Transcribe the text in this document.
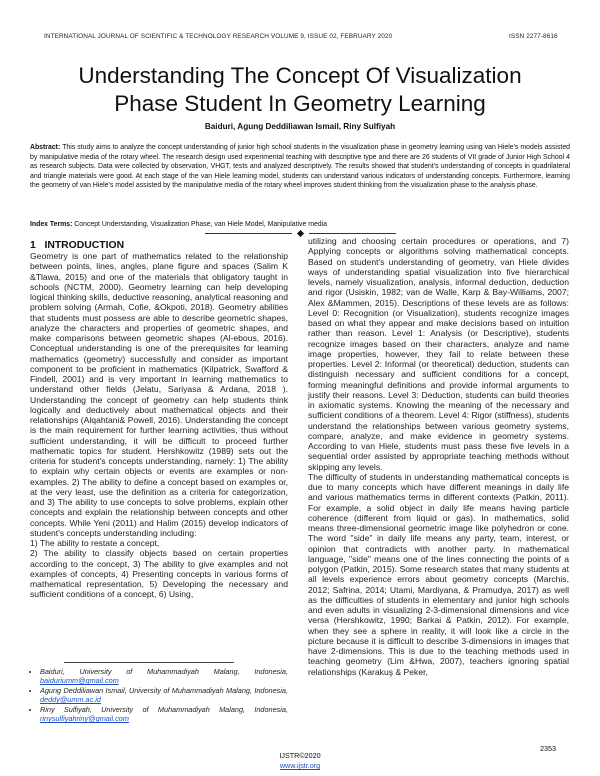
INTERNATIONAL JOURNAL OF SCIENTIFIC & TECHNOLOGY RESEARCH VOLUME 9, ISSUE 02, FEBRUARY 2020	ISSN 2277-8616
Understanding The Concept Of Visualization
Phase Student In Geometry Learning
Baiduri, Agung Deddiliawan Ismail, Riny Sulfiyah
Abstract: This study aims to analyze the concept understanding of junior high school students in the visualization phase in geometry learning using van Hiele's models assisted by manipulative media of the rotary wheel. The research design used experimental teaching with descriptive type and there are 26 students of VII grade of Junior High School 4 as research subjects. Data were collected by observation, VHGT, tests and analyzed descriptively. The results showed that student's understanding of concepts in quadrilateral and triangle materials were good. At each stage of the van Hiele learning model, students can understand various indicators of understanding concepts. Furthermore, learning the geometry of van Hiele's model assisted by the manipulative media of the rotary wheel improves student thinking from the visualization phase to the analysis phase.
Index Terms: Concept Understanding, Visualization Phase, van Hiele Model, Manipulative media
1   INTRODUCTION

Geometry is one part of mathematics related to the relationship between points, lines, angles, plane figure and spaces (Salim K &Tlawa, 2015) and one of the materials that obligatory taught in schools (NCTM, 2000). Geometry learning can help developing logical thinking skills, deductive reasoning, analytical reasoning and problem solving (Armah, Cofie, &Okpoti, 2018). Geometry abilities that students must possess are able to describe geometric shapes, analyze the characters and properties of geometric shapes, and make comparisons between geometric shapes (Al-ebous, 2016). Conceptual understanding is one of the prerequisites for learning mathematics (geometry) successfully and consider as important component to be proficient in mathematics (Kilpatrick, Swafford & Findell, 2001) and is very important in learning mathematics to understand other fields (Jelatu, Sariyasa & Ardana, 2018 ). Understanding the concept of geometry can help students think logically and deductively about mathematical objects and their relationships (Alqahtani& Powell, 2016). Understanding the concept is the main requirement for further learning activities, thus without sufficient understanding, it will be difficult to proceed further mathematic topics for student. Hershkowitz (1989) sets out the criteria for student's concepts understanding, namely: 1) The ability to explain why certain objects or events are examples or non-examples. 2) The ability to define a concept based on examples or, at the very least, use the definition as a criteria for categorization, and 3) The ability to use concepts to solve problems, explain other concepts and explain the relationship between concepts and other concepts. While Yeni (2011) and Halim (2015) develop indicators of student's concepts understanding including:

1) The ability to restate a concept,

2) The ability to classify objects based on certain properties according to the concept, 3) The ability to give examples and not examples of concepts, 4) Presenting concepts in various forms of mathematical representation, 5) Developing the necessary and sufficient conditions of a concept, 6) Using,

utilizing and choosing certain procedures or operations, and 7) Applying concepts or algorithms solving mathematical concepts. Based on student's understanding of geometry, van Hiele divides ways of understanding spatial visualization into five hierarchical levels, namely visualization, analysis, informal deduction, deduction and rigor (Usiskin, 1982; van de Walle, Karp & Bay-Williams, 2007; Alex &Mammen, 2015). Descriptions of these levels are as follows: Level 0: Recognition (or Visualization), students recognize images based on what they appear and make decisions based on intuition rather than reason. Level 1: Analysis (or Descriptive), students recognize images based on their characters, analyze and name image properties, however, they fail to relate between these properties. Level 2: Informal (or theoretical) deduction, students can distinguish necessary and sufficient conditions for a concept, forming meaningful definitions and provide informal arguments to justify their reasons. Level 3: Deduction, students can build theories in axiomatic systems. Knowing the meaning of the necessary and sufficient conditions of a theorem. Level 4: Rigor (stiffness), students understand the relationships between various geometry systems, compare, analyze, and make evidence in geometry systems. According to van Hiele, students must pass these five levels in a sequential order assisted by appropriate teaching methods without skipping any levels.

The difficulty of students in understanding mathematical concepts is due to many concepts which have different meanings in daily life and various mathematics terms in different contexts (Patkin, 2011). For example, a solid object in daily life means having particle coherence (different from liquid or gas). In mathematics, solid means three-dimensional geometric image like polyhedron or cone. The word "side" in daily life means any party, team, interest, or opinion that contradicts with another party. In mathematical language, "side" means one of the lines connecting the points of a polygon (Patkin, 2015). Some research states that many students at all levels experience errors about geometry concepts (Marchis, 2012; Safrina, 2014; Utami, Mardiyana, & Pramudya, 2017) as well as the difficulties of students in elementary and junior high schools and even adults in visualizing 2-3-dimensional dimensions and vice versa (Hershkowitz, 1990; Barkai & Patkin, 2012). For example, when they see a sphere in reality, it will look like a circle in the picture because it is difficult to describe 3-dimensions in images that have 2-dimensions. This is due to the teaching methods used in teaching geometry (Lim &Hwa, 2007), teachers ignoring spatial relationships (Karakuş & Peker,

• Baiduri, University of Muhammadiyah Malang, Indonesia, baiduriumm@gmail.com
• Agung Deddiliawan Ismail, University of Muhammadiyah Malang, Indonesia, deddy@umm.ac.id
• Riny Sulfiyah, University of Muhammadiyah Malang, Indonesia, rinysulfiyahriny@gmail.com
2353
IJSTR©2020
www.ijstr.org
